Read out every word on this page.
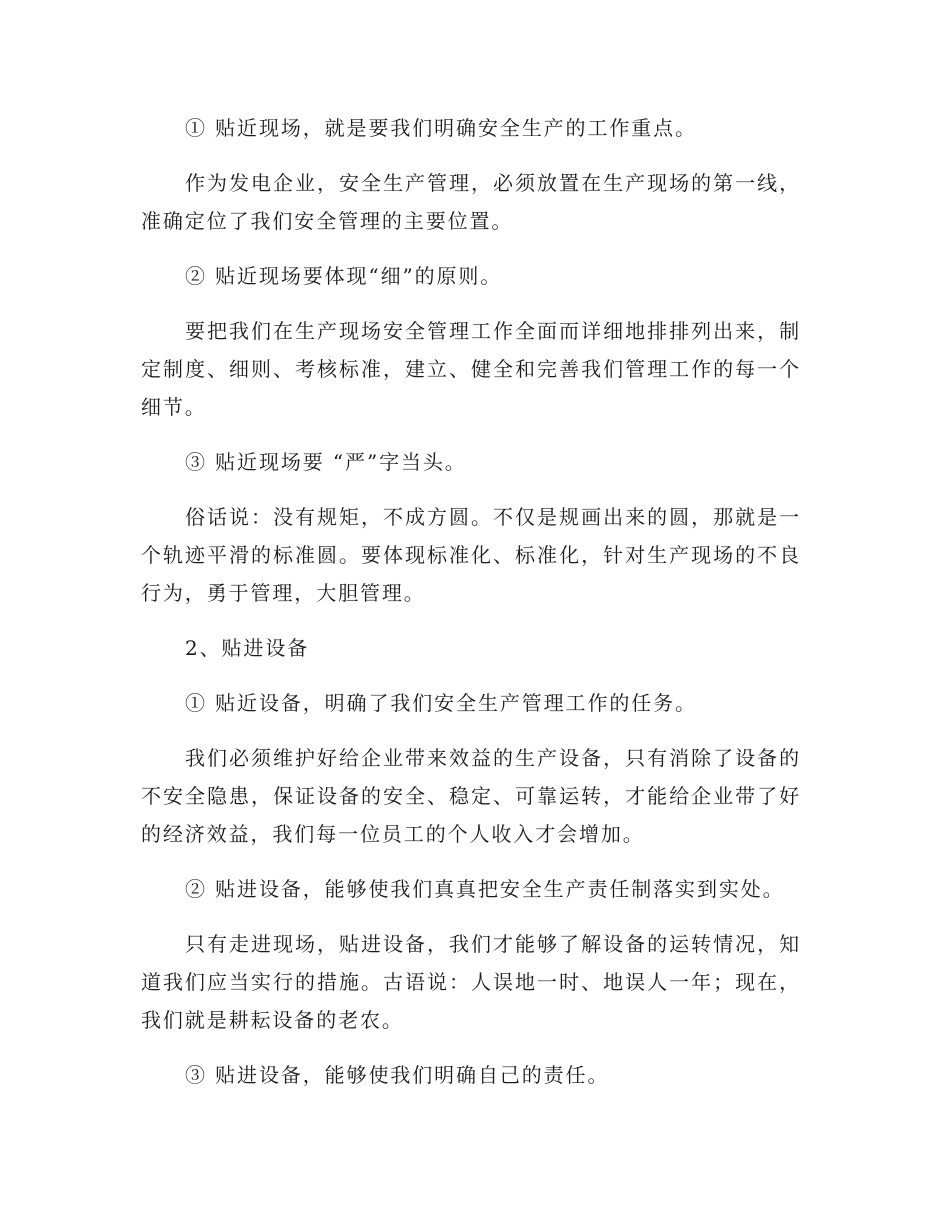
① 贴近现场，就是要我们明确安全生产的工作重点。

作为发电企业，安全生产管理，必须放置在生产现场的第一线，准确定位了我们安全管理的主要位置。

② 贴近现场要体现“细”的原则。

要把我们在生产现场安全管理工作全面而详细地排排列出来，制定制度、细则、考核标准，建立、健全和完善我们管理工作的每一个细节。

③ 贴近现场要 “严”字当头。

俗话说：没有规矩，不成方圆。不仅是规画出来的圆，那就是一个轨迹平滑的标准圆。要体现标准化、标准化，针对生产现场的不良行为，勇于管理，大胆管理。

2、贴进设备

① 贴近设备，明确了我们安全生产管理工作的任务。

我们必须维护好给企业带来效益的生产设备，只有消除了设备的不安全隐患，保证设备的安全、稳定、可靠运转，才能给企业带了好的经济效益，我们每一位员工的个人收入才会增加。

② 贴进设备，能够使我们真真把安全生产责任制落实到实处。

只有走进现场，贴进设备，我们才能够了解设备的运转情况，知道我们应当实行的措施。古语说：人误地一时、地误人一年；现在，我们就是耕耘设备的老农。

③ 贴进设备，能够使我们明确自己的责任。
